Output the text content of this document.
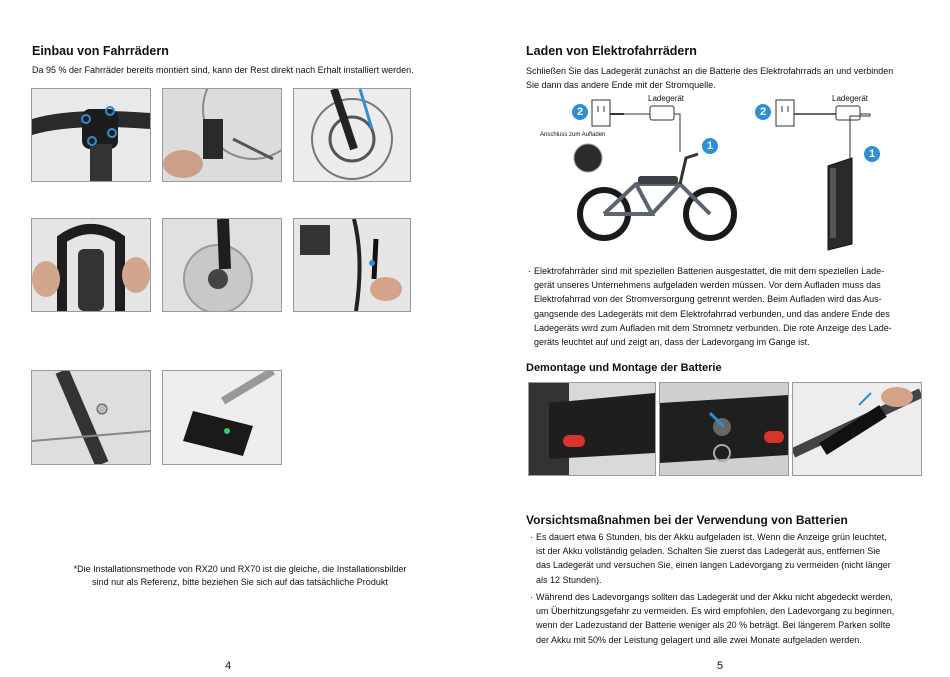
Einbau von Fahrrädern
Da 95 % der Fahrräder bereits montiert sind, kann der Rest direkt nach Erhalt installiert werden.
*Die Installationsmethode von RX20 und RX70 ist die gleiche, die Installationsbilder
sind nur als Referenz, bitte beziehen Sie sich auf das tatsächliche Produkt
4
Laden von Elektrofahrrädern
Schließen Sie das Ladegerät zunächst an die Batterie des Elektrofahrrads an und verbinden
Sie dann das andere Ende mit der Stromquelle.
Ladegerät	Ladegerät
2	2
1
1
Anschluss zum Aufladen
· Elektrofahrräder sind mit speziellen Batterien ausgestattet, die mit dem speziellen Lade-
gerät unseres Unternehmens aufgeladen werden müssen. Vor dem Aufladen muss das
Elektrofahrrad von der Stromversorgung getrennt werden. Beim Aufladen wird das Aus-
gangsende des Ladegeräts mit dem Elektrofahrrad verbunden, und das andere Ende des
Ladegeräts wird zum Aufladen mit dem Stromnetz verbunden. Die rote Anzeige des Lade-
geräts leuchtet auf und zeigt an, dass der Ladevorgang im Gange ist.
Demontage und Montage der Batterie
Vorsichtsmaßnahmen bei der Verwendung von Batterien
· Es dauert etwa 6 Stunden, bis der Akku aufgeladen ist. Wenn die Anzeige grün leuchtet,
ist der Akku vollständig geladen. Schalten Sie zuerst das Ladegerät aus, entfernen Sie
das Ladegerät und versuchen Sie, einen langen Ladevorgang zu vermeiden (nicht länger
als 12 Stunden).
· Während des Ladevorgangs sollten das Ladegerät und der Akku nicht abgedeckt werden,
um Überhitzungsgefahr zu vermeiden. Es wird empfohlen, den Ladevorgang zu beginnen,
wenn der Ladezustand der Batterie weniger als 20 % beträgt. Bei längerem Parken sollte
der Akku mit 50% der Leistung gelagert und alle zwei Monate aufgeladen werden.
5
